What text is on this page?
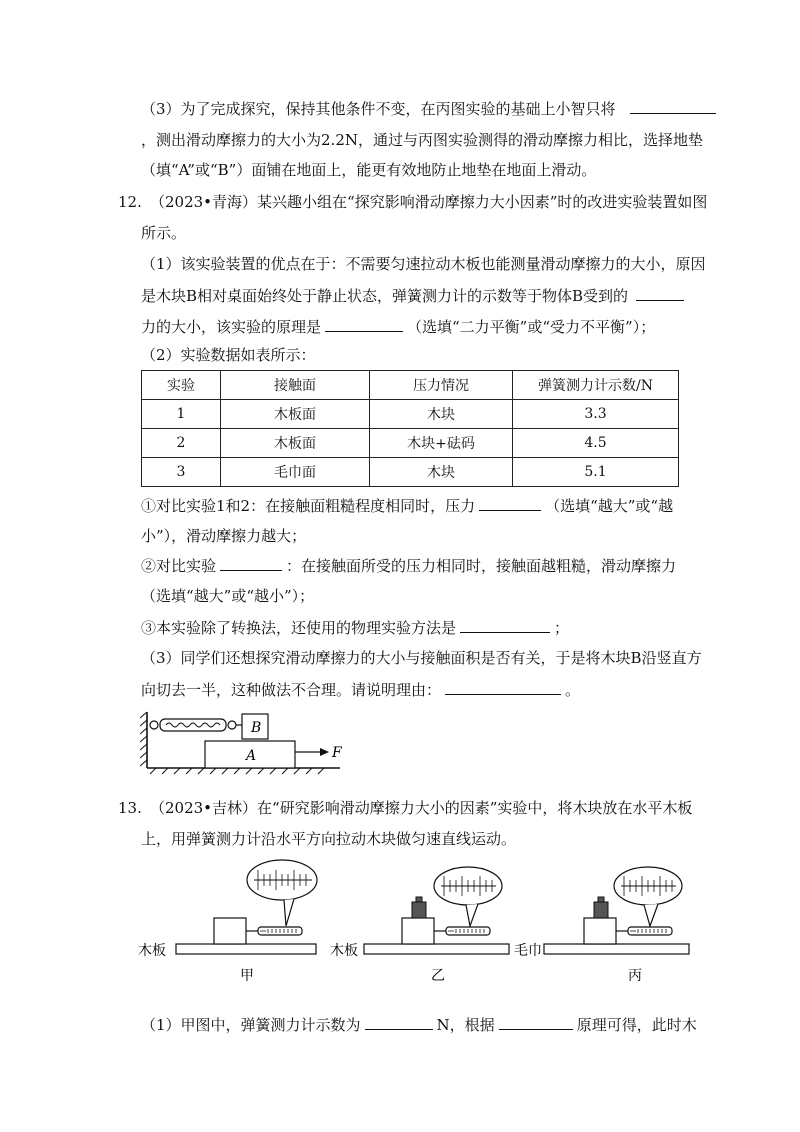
（3）为了完成探究，保持其他条件不变，在丙图实验的基础上小智只将
，测出滑动摩擦力的大小为2.2N，通过与丙图实验测得的滑动摩擦力相比，选择地垫
（填“A”或“B”）面铺在地面上，能更有效地防止地垫在地面上滑动。
12. （2023•青海）某兴趣小组在“探究影响滑动摩擦力大小因素”时的改进实验装置如图
所示。
（1）该实验装置的优点在于：不需要匀速拉动木板也能测量滑动摩擦力的大小，原因
是木块B相对桌面始终处于静止状态，弹簧测力计的示数等于物体B受到的
力的大小，该实验的原理是	（选填“二力平衡”或“受力不平衡”）；
（2）实验数据如表所示：
实验	接触面	压力情况	弹簧测力计示数/N
1	木板面	木块	3.3
2	木板面	木块+砝码	4.5
3	毛巾面	木块	5.1
①对比实验1和2：在接触面粗糙程度相同时，压力	（选填“越大”或“越
小”），滑动摩擦力越大；
②对比实验	：在接触面所受的压力相同时，接触面越粗糙，滑动摩擦力
（选填“越大”或“越小”）；
③本实验除了转换法，还使用的物理实验方法是	；
（3）同学们还想探究滑动摩擦力的大小与接触面积是否有关，于是将木块B沿竖直方
向切去一半，这种做法不合理。请说明理由：	。
B
A	F
13. （2023•吉林）在“研究影响滑动摩擦力大小的因素”实验中，将木块放在水平木板
上，用弹簧测力计沿水平方向拉动木块做匀速直线运动。
木板	木板	毛巾
甲	乙	丙
（1）甲图中，弹簧测力计示数为	N，根据	原理可得，此时木
